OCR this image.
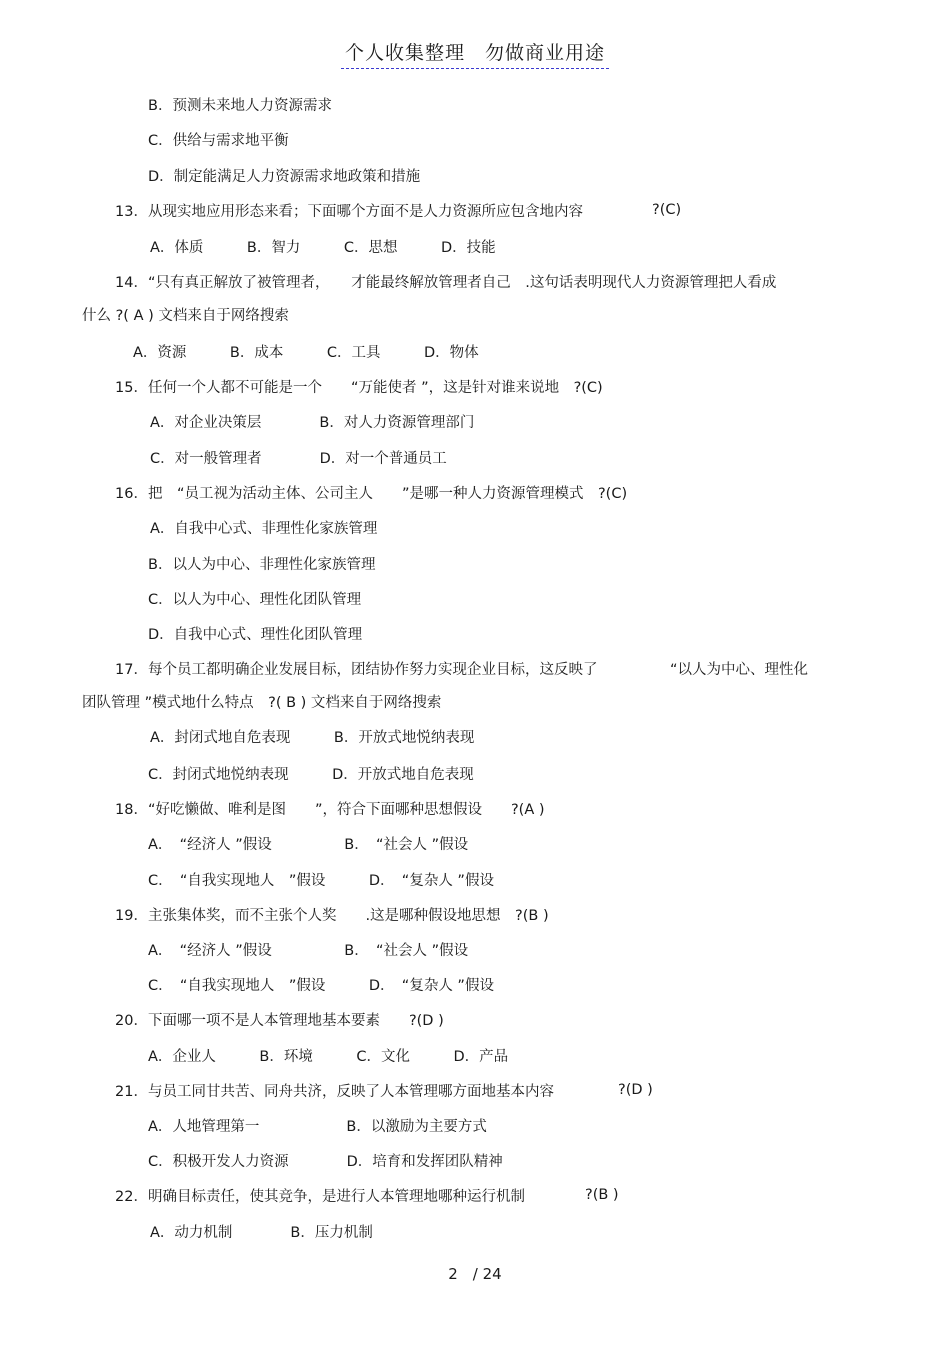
个人收集整理　勿做商业用途
B．预测未来地人力资源需求
C．供给与需求地平衡
D．制定能满足人力资源需求地政策和措施
13．从现实地应用形态来看；下面哪个方面不是人力资源所应包含地内容	?(C)
A．体质　　　B．智力　　　C．思想　　　D．技能
14．“只有真正解放了被管理者，　　才能最终解放管理者自己　.这句话表明现代人力资源管理把人看成
什么 ?( A ) 文档来自于网络搜索
A．资源　　　B．成本　　　C．工具　　　D．物体
15．任何一个人都不可能是一个　　“万能使者 ”，这是针对谁来说地　?(C)
A．对企业决策层　　　　B．对人力资源管理部门
C．对一般管理者　　　　D．对一个普通员工
16．把　“员工视为活动主体、公司主人　　”是哪一种人力资源管理模式　?(C)
A．自我中心式、非理性化家族管理
B．以人为中心、非理性化家族管理
C．以人为中心、理性化团队管理
D．自我中心式、理性化团队管理
17．每个员工都明确企业发展目标，团结协作努力实现企业目标，这反映了　　　　　“以人为中心、理性化
团队管理 ”模式地什么特点　?( B ) 文档来自于网络搜索
A．封闭式地自危表现　　　B．开放式地悦纳表现
C．封闭式地悦纳表现　　　D．开放式地自危表现
18．“好吃懒做、唯利是图　　”，符合下面哪种思想假设　　?(A )
A．　“经济人 ”假设　　　　　B．　“社会人 ”假设
C．　“自我实现地人　”假设　　　D．　“复杂人 ”假设
19．主张集体奖，而不主张个人奖　　.这是哪种假设地思想　?(B )
A．　“经济人 ”假设　　　　　B．　“社会人 ”假设
C．　“自我实现地人　”假设　　　D．　“复杂人 ”假设
20．下面哪一项不是人本管理地基本要素　　?(D )
A．企业人　　　B．环境　　　C．文化　　　D．产品
21．与员工同甘共苦、同舟共济，反映了人本管理哪方面地基本内容	?(D )
A．人地管理第一　　　　　　B．以激励为主要方式
C．积极开发人力资源　　　　D．培育和发挥团队精神
22．明确目标责任，使其竞争，是进行人本管理地哪种运行机制	?(B )
A．动力机制　　　　B．压力机制
2　/ 24
